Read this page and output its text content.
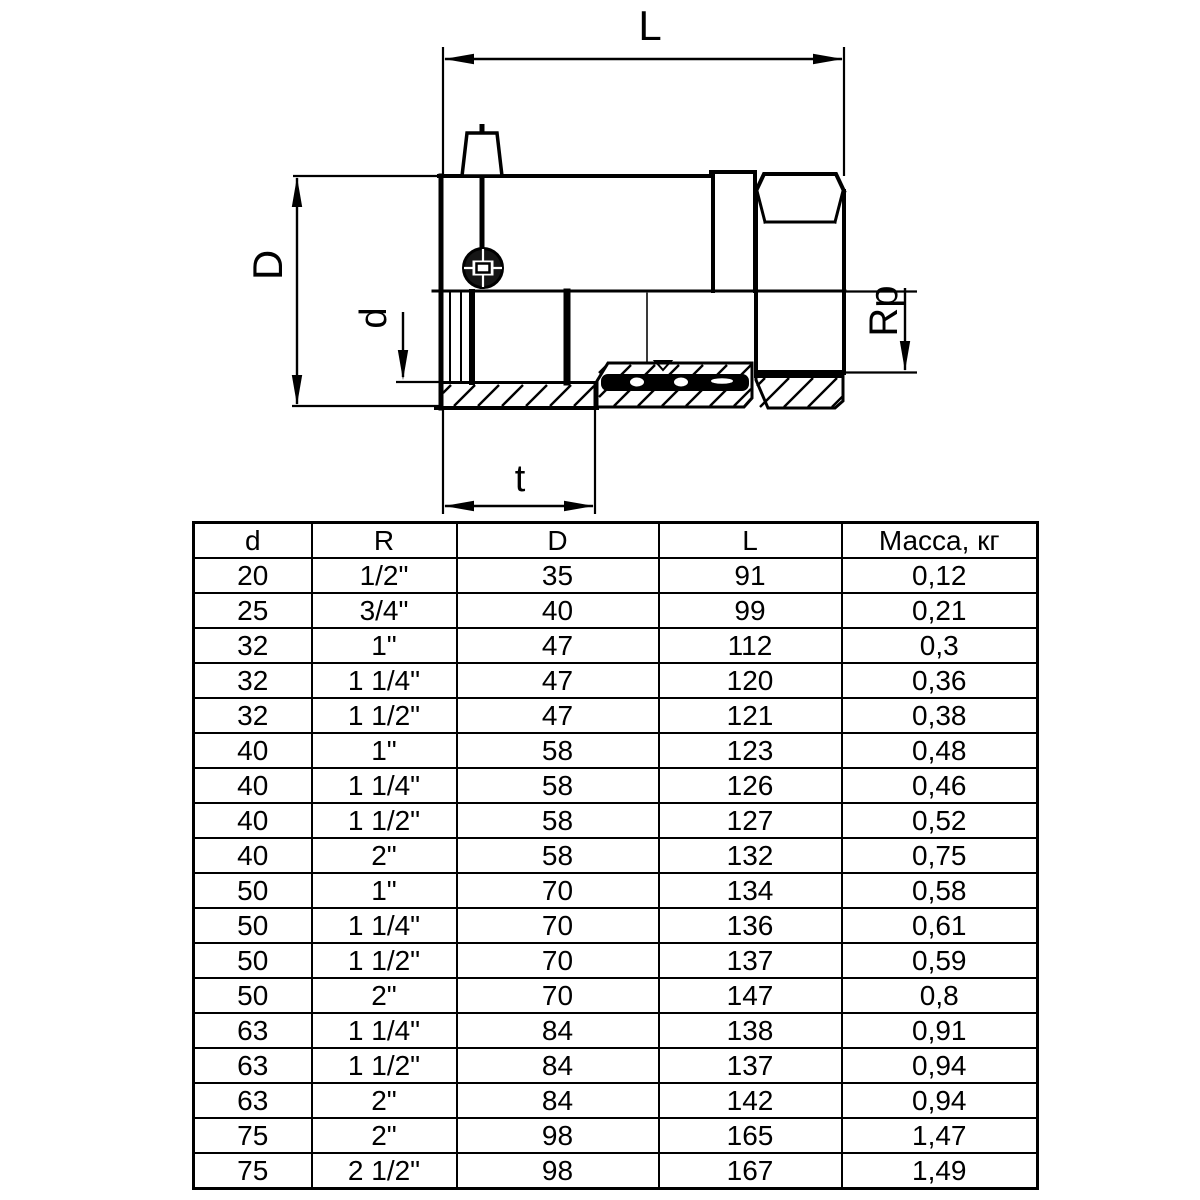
L
D
d	Rp
t
d	R	D	L	Масса, кг
20	1/2"	35	91	0,12
25	3/4"	40	99	0,21
32	1"	47	112	0,3
32	1 1/4"	47	120	0,36
32	1 1/2"	47	121	0,38
40	1"	58	123	0,48
40	1 1/4"	58	126	0,46
40	1 1/2"	58	127	0,52
40	2"	58	132	0,75
50	1"	70	134	0,58
50	1 1/4"	70	136	0,61
50	1 1/2"	70	137	0,59
50	2"	70	147	0,8
63	1 1/4"	84	138	0,91
63	1 1/2"	84	137	0,94
63	2"	84	142	0,94
75	2"	98	165	1,47
75	2 1/2"	98	167	1,49
